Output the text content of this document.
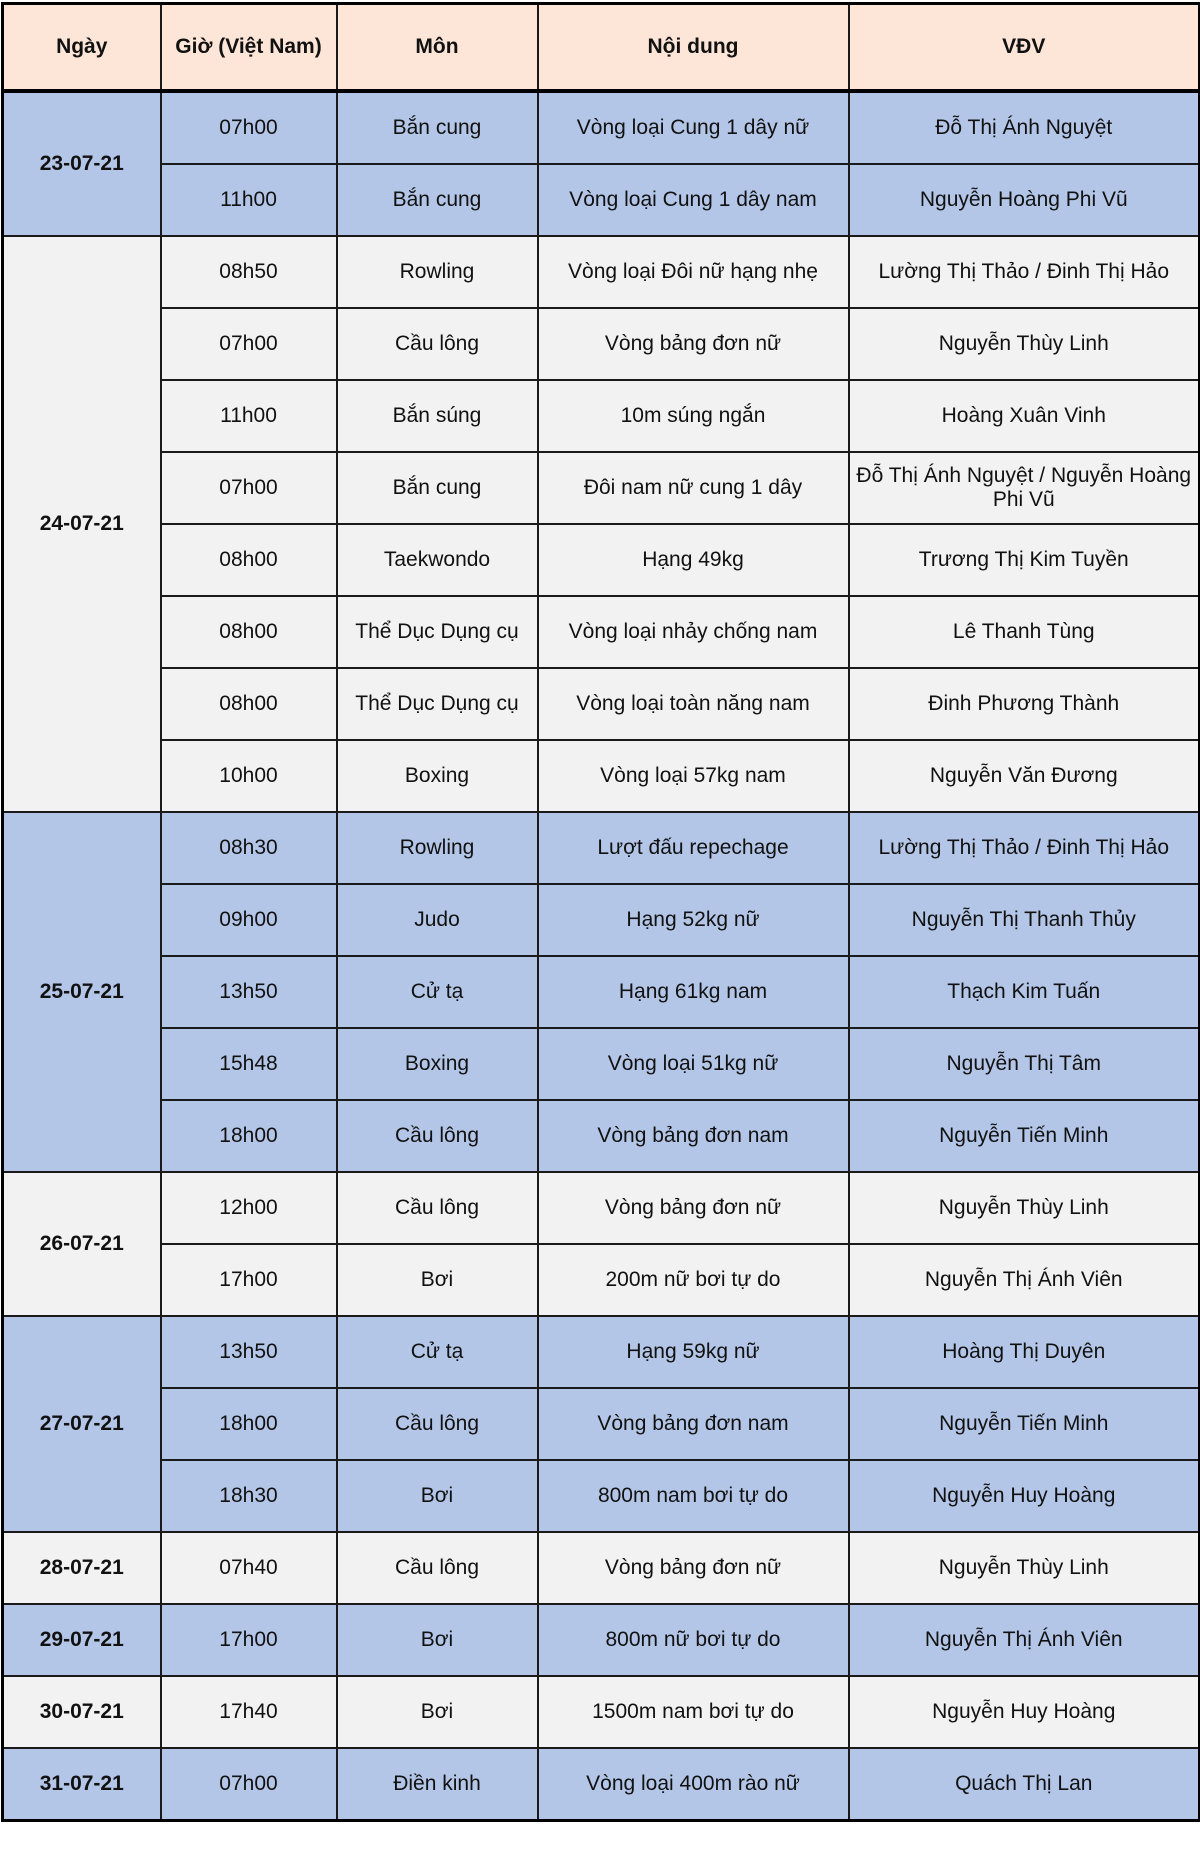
Ngày	Giờ (Việt Nam)	Môn	Nội dung	VĐV
23-07-21	07h00	Bắn cung	Vòng loại Cung 1 dây nữ	Đỗ Thị Ánh Nguyệt
	11h00	Bắn cung	Vòng loại Cung 1 dây nam	Nguyễn Hoàng Phi Vũ
24-07-21	08h50	Rowling	Vòng loại Đôi nữ hạng nhẹ	Lường Thị Thảo / Đinh Thị Hảo
	07h00	Cầu lông	Vòng bảng đơn nữ	Nguyễn Thùy Linh
	11h00	Bắn súng	10m súng ngắn	Hoàng Xuân Vinh
	07h00	Bắn cung	Đôi nam nữ cung 1 dây	Đỗ Thị Ánh Nguyệt / Nguyễn Hoàng Phi Vũ
	08h00	Taekwondo	Hạng 49kg	Trương Thị Kim Tuyền
	08h00	Thể Dục Dụng cụ	Vòng loại nhảy chống nam	Lê Thanh Tùng
	08h00	Thể Dục Dụng cụ	Vòng loại toàn năng nam	Đinh Phương Thành
	10h00	Boxing	Vòng loại 57kg nam	Nguyễn Văn Đương
25-07-21	08h30	Rowling	Lượt đấu repechage	Lường Thị Thảo / Đinh Thị Hảo
	09h00	Judo	Hạng 52kg nữ	Nguyễn Thị Thanh Thủy
	13h50	Cử tạ	Hạng 61kg nam	Thạch Kim Tuấn
	15h48	Boxing	Vòng loại 51kg nữ	Nguyễn Thị Tâm
	18h00	Cầu lông	Vòng bảng đơn nam	Nguyễn Tiến Minh
26-07-21	12h00	Cầu lông	Vòng bảng đơn nữ	Nguyễn Thùy Linh
	17h00	Bơi	200m nữ bơi tự do	Nguyễn Thị Ánh Viên
27-07-21	13h50	Cử tạ	Hạng 59kg nữ	Hoàng Thị Duyên
	18h00	Cầu lông	Vòng bảng đơn nam	Nguyễn Tiến Minh
	18h30	Bơi	800m nam bơi tự do	Nguyễn Huy Hoàng
28-07-21	07h40	Cầu lông	Vòng bảng đơn nữ	Nguyễn Thùy Linh
29-07-21	17h00	Bơi	800m nữ bơi tự do	Nguyễn Thị Ánh Viên
30-07-21	17h40	Bơi	1500m nam bơi tự do	Nguyễn Huy Hoàng
31-07-21	07h00	Điền kinh	Vòng loại 400m rào nữ	Quách Thị Lan
